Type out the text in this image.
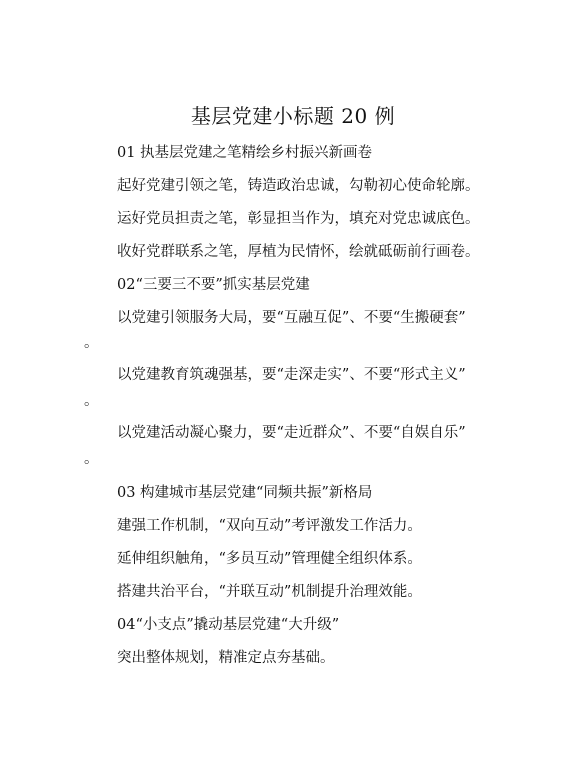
基层党建小标题 20 例
01 执基层党建之笔精绘乡村振兴新画卷
起好党建引领之笔，铸造政治忠诚，勾勒初心使命轮廓。
运好党员担责之笔，彰显担当作为，填充对党忠诚底色。
收好党群联系之笔，厚植为民情怀，绘就砥砺前行画卷。
02“三要三不要”抓实基层党建
以党建引领服务大局，要“互融互促”、不要“生搬硬套”
。
以党建教育筑魂强基，要“走深走实”、不要“形式主义”
。
以党建活动凝心聚力，要“走近群众”、不要“自娱自乐”
。
03 构建城市基层党建“同频共振”新格局
建强工作机制，“双向互动”考评激发工作活力。
延伸组织触角，“多员互动”管理健全组织体系。
搭建共治平台，“并联互动”机制提升治理效能。
04“小支点”撬动基层党建“大升级”
突出整体规划，精准定点夯基础。
